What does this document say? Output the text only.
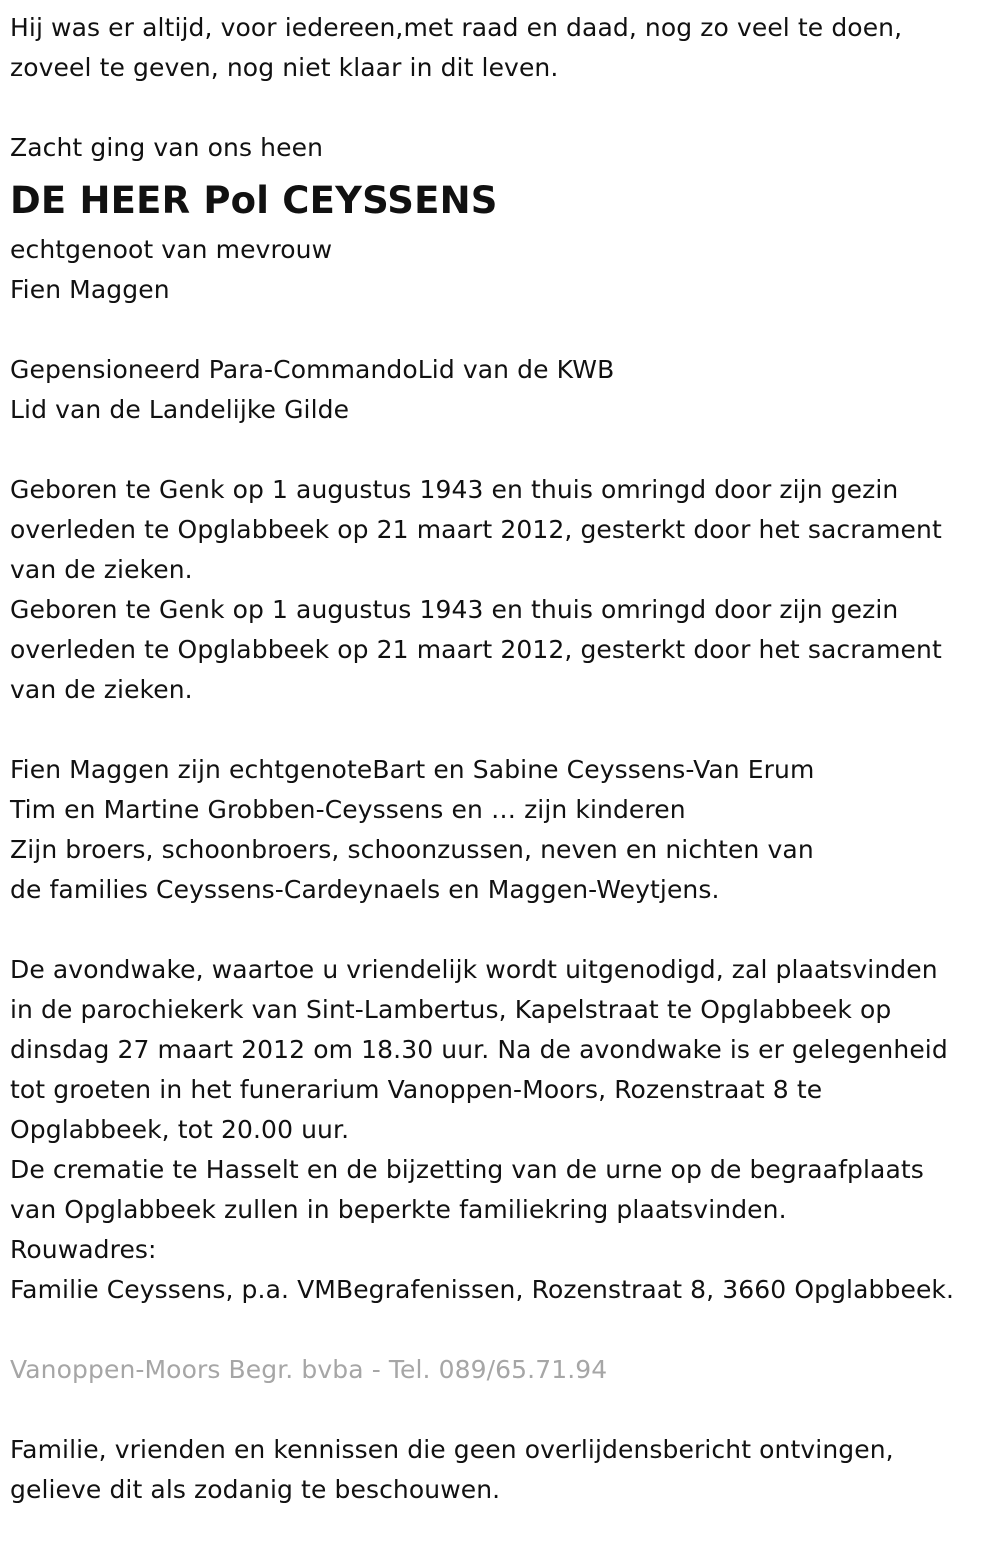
Hij was er altijd, voor iedereen,met raad en daad, nog zo veel te doen,
zoveel te geven, nog niet klaar in dit leven.
Zacht ging van ons heen
DE HEER Pol CEYSSENS
echtgenoot van mevrouw
Fien Maggen
Gepensioneerd Para-CommandoLid van de KWB
Lid van de Landelijke Gilde
Geboren te Genk op 1 augustus 1943 en thuis omringd door zijn gezin
overleden te Opglabbeek op 21 maart 2012, gesterkt door het sacrament
van de zieken.
Geboren te Genk op 1 augustus 1943 en thuis omringd door zijn gezin
overleden te Opglabbeek op 21 maart 2012, gesterkt door het sacrament
van de zieken.
Fien Maggen zijn echtgenoteBart en Sabine Ceyssens-Van Erum
Tim en Martine Grobben-Ceyssens en … zijn kinderen
Zijn broers, schoonbroers, schoonzussen, neven en nichten van
de families Ceyssens-Cardeynaels en Maggen-Weytjens.
De avondwake, waartoe u vriendelijk wordt uitgenodigd, zal plaatsvinden
in de parochiekerk van Sint-Lambertus, Kapelstraat te Opglabbeek op
dinsdag 27 maart 2012 om 18.30 uur. Na de avondwake is er gelegenheid
tot groeten in het funerarium Vanoppen-Moors, Rozenstraat 8 te
Opglabbeek, tot 20.00 uur.
De crematie te Hasselt en de bijzetting van de urne op de begraafplaats
van Opglabbeek zullen in beperkte familiekring plaatsvinden.
Rouwadres:
Familie Ceyssens, p.a. VMBegrafenissen, Rozenstraat 8, 3660 Opglabbeek.
Vanoppen-Moors Begr. bvba - Tel. 089/65.71.94
Familie, vrienden en kennissen die geen overlijdensbericht ontvingen,
gelieve dit als zodanig te beschouwen.
